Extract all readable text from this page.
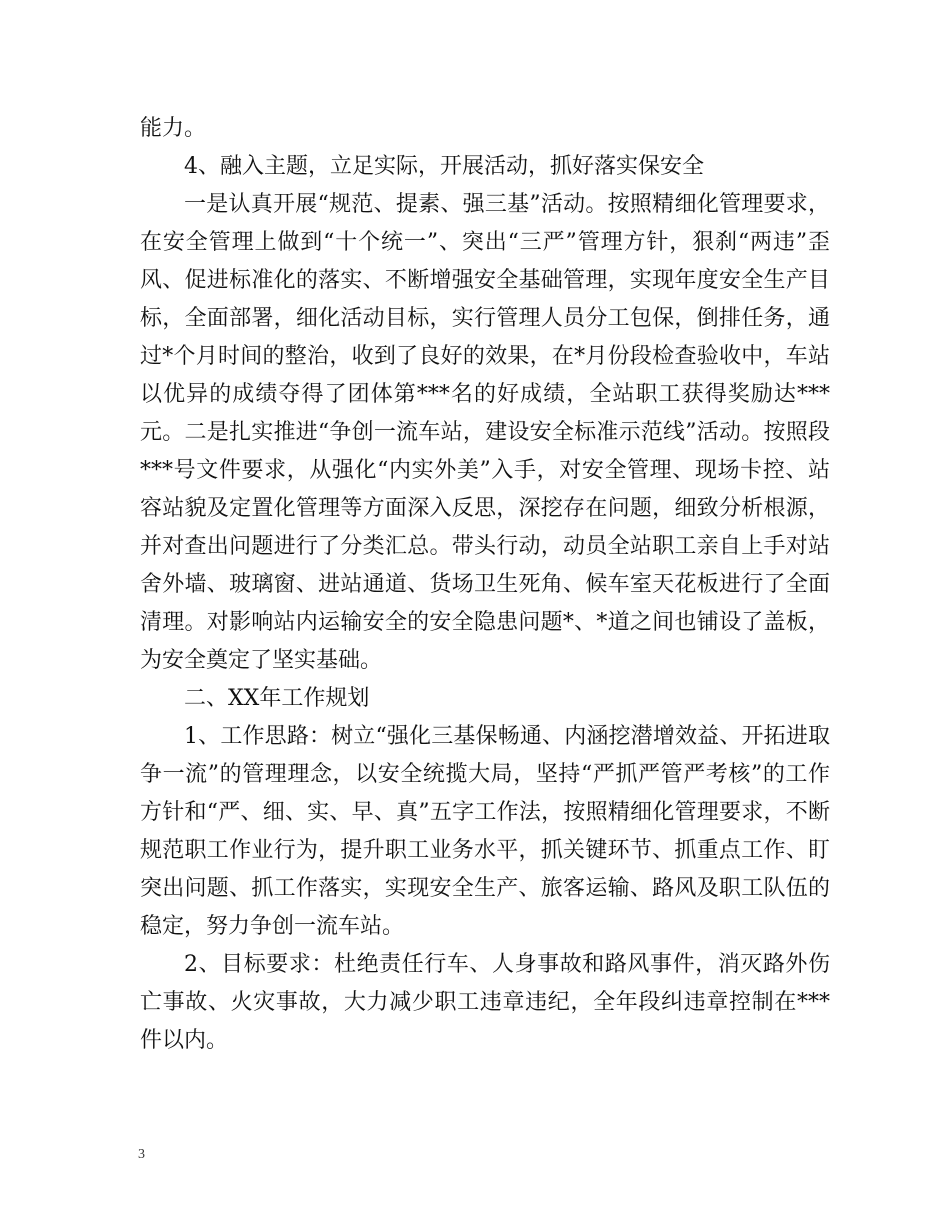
能力。

4、融入主题，立足实际，开展活动，抓好落实保安全

一是认真开展“规范、提素、强三基”活动。按照精细化管理要求，在安全管理上做到“十个统一”、突出“三严”管理方针，狠刹“两违”歪风、促进标准化的落实、不断增强安全基础管理，实现年度安全生产目标，全面部署，细化活动目标，实行管理人员分工包保，倒排任务，通过*个月时间的整治，收到了良好的效果，在*月份段检查验收中，车站以优异的成绩夺得了团体第***名的好成绩，全站职工获得奖励达***元。二是扎实推进“争创一流车站，建设安全标准示范线”活动。按照段***号文件要求，从强化“内实外美”入手，对安全管理、现场卡控、站容站貌及定置化管理等方面深入反思，深挖存在问题，细致分析根源，并对查出问题进行了分类汇总。带头行动，动员全站职工亲自上手对站舍外墙、玻璃窗、进站通道、货场卫生死角、候车室天花板进行了全面清理。对影响站内运输安全的安全隐患问题*、*道之间也铺设了盖板，为安全奠定了坚实基础。

二、XX年工作规划

1、工作思路：树立“强化三基保畅通、内涵挖潜增效益、开拓进取争一流”的管理理念，以安全统揽大局，坚持“严抓严管严考核”的工作方针和“严、细、实、早、真”五字工作法，按照精细化管理要求，不断规范职工作业行为，提升职工业务水平，抓关键环节、抓重点工作、盯突出问题、抓工作落实，实现安全生产、旅客运输、路风及职工队伍的稳定，努力争创一流车站。

2、目标要求：杜绝责任行车、人身事故和路风事件，消灭路外伤亡事故、火灾事故，大力减少职工违章违纪，全年段纠违章控制在***件以内。

3
